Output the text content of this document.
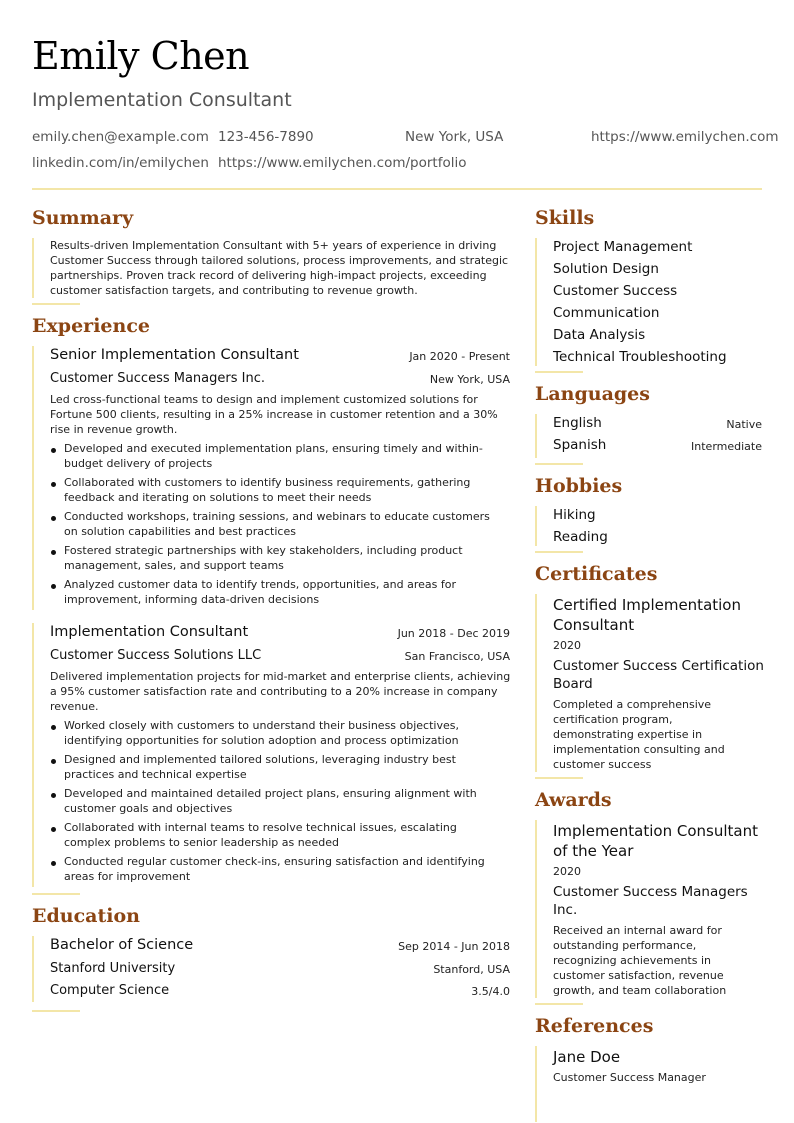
Emily Chen
Implementation Consultant
emily.chen@example.com 123-456-7890	New York, USA	https://www.emilychen.com
linkedin.com/in/emilychen https://www.emilychen.com/portfolio
Summary
Results-driven Implementation Consultant with 5+ years of experience in driving Customer Success through tailored solutions, process improvements, and strategic partnerships. Proven track record of delivering high-impact projects, exceeding customer satisfaction targets, and contributing to revenue growth.
Experience
Senior Implementation Consultant	Jan 2020 - Present
Customer Success Managers Inc.	New York, USA
Led cross-functional teams to design and implement customized solutions for Fortune 500 clients, resulting in a 25% increase in customer retention and a 30% rise in revenue growth.
Developed and executed implementation plans, ensuring timely and within-budget delivery of projects
Collaborated with customers to identify business requirements, gathering feedback and iterating on solutions to meet their needs
Conducted workshops, training sessions, and webinars to educate customers on solution capabilities and best practices
Fostered strategic partnerships with key stakeholders, including product management, sales, and support teams
Analyzed customer data to identify trends, opportunities, and areas for improvement, informing data-driven decisions
Implementation Consultant	Jun 2018 - Dec 2019
Customer Success Solutions LLC	San Francisco, USA
Delivered implementation projects for mid-market and enterprise clients, achieving a 95% customer satisfaction rate and contributing to a 20% increase in company revenue.
Worked closely with customers to understand their business objectives, identifying opportunities for solution adoption and process optimization
Designed and implemented tailored solutions, leveraging industry best practices and technical expertise
Developed and maintained detailed project plans, ensuring alignment with customer goals and objectives
Collaborated with internal teams to resolve technical issues, escalating complex problems to senior leadership as needed
Conducted regular customer check-ins, ensuring satisfaction and identifying areas for improvement
Education
Bachelor of Science	Sep 2014 - Jun 2018
Stanford University	Stanford, USA
Computer Science	3.5/4.0
Skills
Project Management
Solution Design
Customer Success
Communication
Data Analysis
Technical Troubleshooting
Languages
English	Native
Spanish	Intermediate
Hobbies
Hiking
Reading
Certificates
Certified Implementation Consultant
2020
Customer Success Certification Board
Completed a comprehensive certification program, demonstrating expertise in implementation consulting and customer success
Awards
Implementation Consultant of the Year
2020
Customer Success Managers Inc.
Received an internal award for outstanding performance, recognizing achievements in customer satisfaction, revenue growth, and team collaboration
References
Jane Doe
Customer Success Manager
